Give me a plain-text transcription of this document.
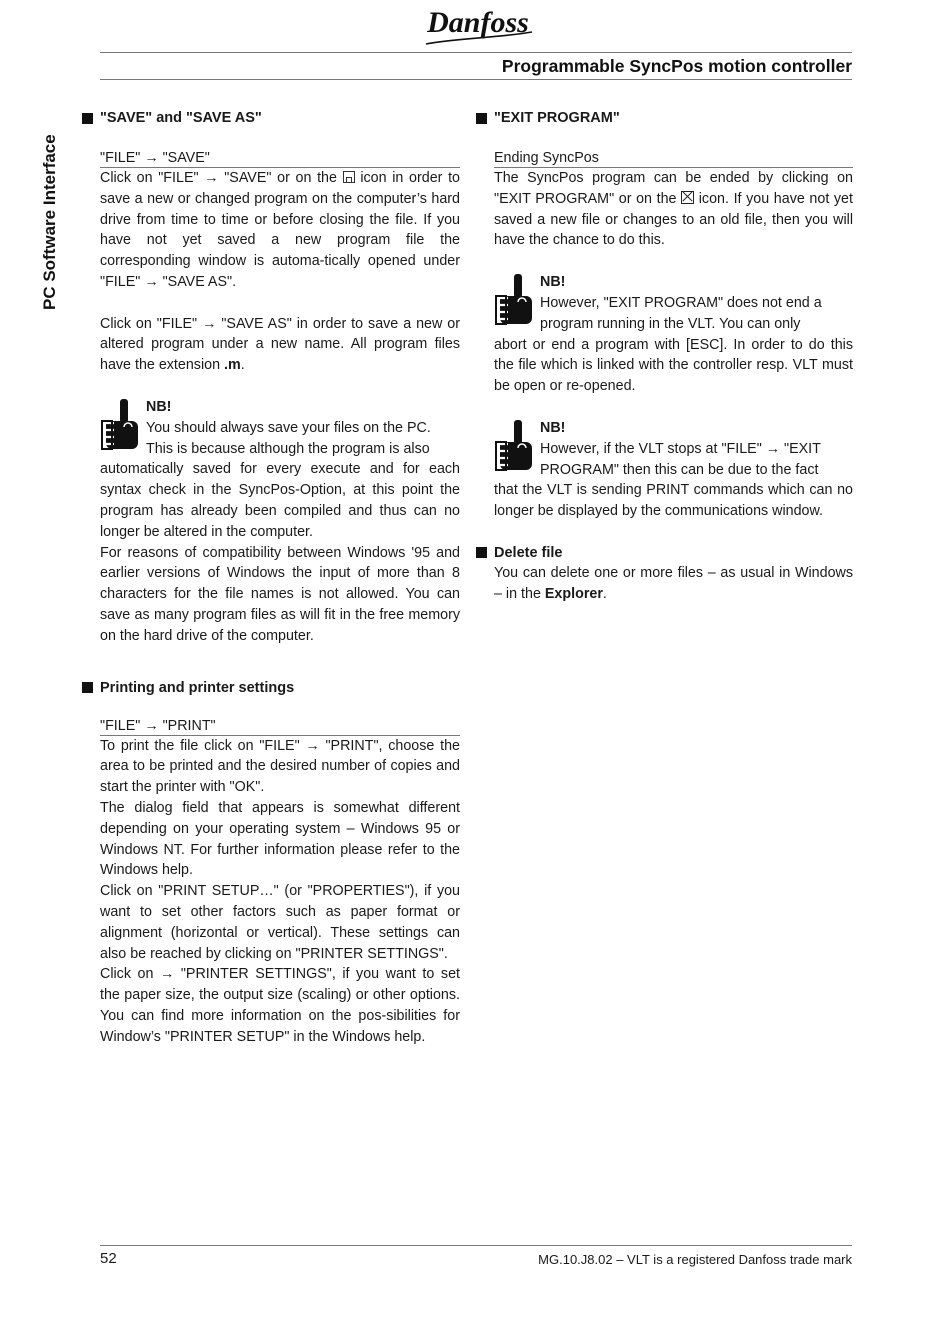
Danfoss
Programmable SyncPos motion controller
PC Software Interface
"SAVE" and "SAVE AS"
"FILE" → "SAVE"

Click on "FILE" → "SAVE" or on the icon in order to save a new or changed program on the computer’s hard drive from time to time or before closing the file. If you have not yet saved a new program file the corresponding window is automa-tically opened under "FILE" → "SAVE AS".

Click on "FILE" → "SAVE AS" in order to save a new or altered program under a new name. All program files have the extension .m.

NB!

You should always save your files on the PC.

This is because although the program is also

automatically saved for every execute and for each syntax check in the SyncPos-Option, at this point the program has already been compiled and thus can no longer be altered in the computer.

For reasons of compatibility between Windows '95 and earlier versions of Windows the input of more than 8 characters for the file names is not allowed. You can save as many program files as will fit in the free memory on the hard drive of the computer.

Printing and printer settings
"FILE" → "PRINT"

To print the file click on "FILE" → "PRINT", choose the area to be printed and the desired number of copies and start the printer with "OK".

The dialog field that appears is somewhat different depending on your operating system – Windows 95 or Windows NT. For further information please refer to the Windows help.

Click on "PRINT SETUP…" (or "PROPERTIES"), if you want to set other factors such as paper format or alignment (horizontal or vertical). These settings can also be reached by clicking on "PRINTER SETTINGS".

Click on → "PRINTER SETTINGS", if you want to set the paper size, the output size (scaling) or other options. You can find more information on the pos-sibilities for Window’s "PRINTER SETUP" in the Windows help.

"EXIT PROGRAM"
Ending SyncPos

The SyncPos program can be ended by clicking on "EXIT PROGRAM" or on the icon. If you have not yet saved a new file or changes to an old file, then you will have the chance to do this.

NB!

However, "EXIT PROGRAM" does not end a

program running in the VLT. You can only

abort or end a program with [ESC]. In order to do this the file which is linked with the controller resp. VLT must be open or re-opened.

NB!

However, if the VLT stops at "FILE" → "EXIT

PROGRAM" then this can be due to the fact

that the VLT is sending PRINT commands which can no longer be displayed by the communications window.

Delete file

You can delete one or more files – as usual in Windows – in the Explorer.

52	MG.10.J8.02 – VLT is a registered Danfoss trade mark
